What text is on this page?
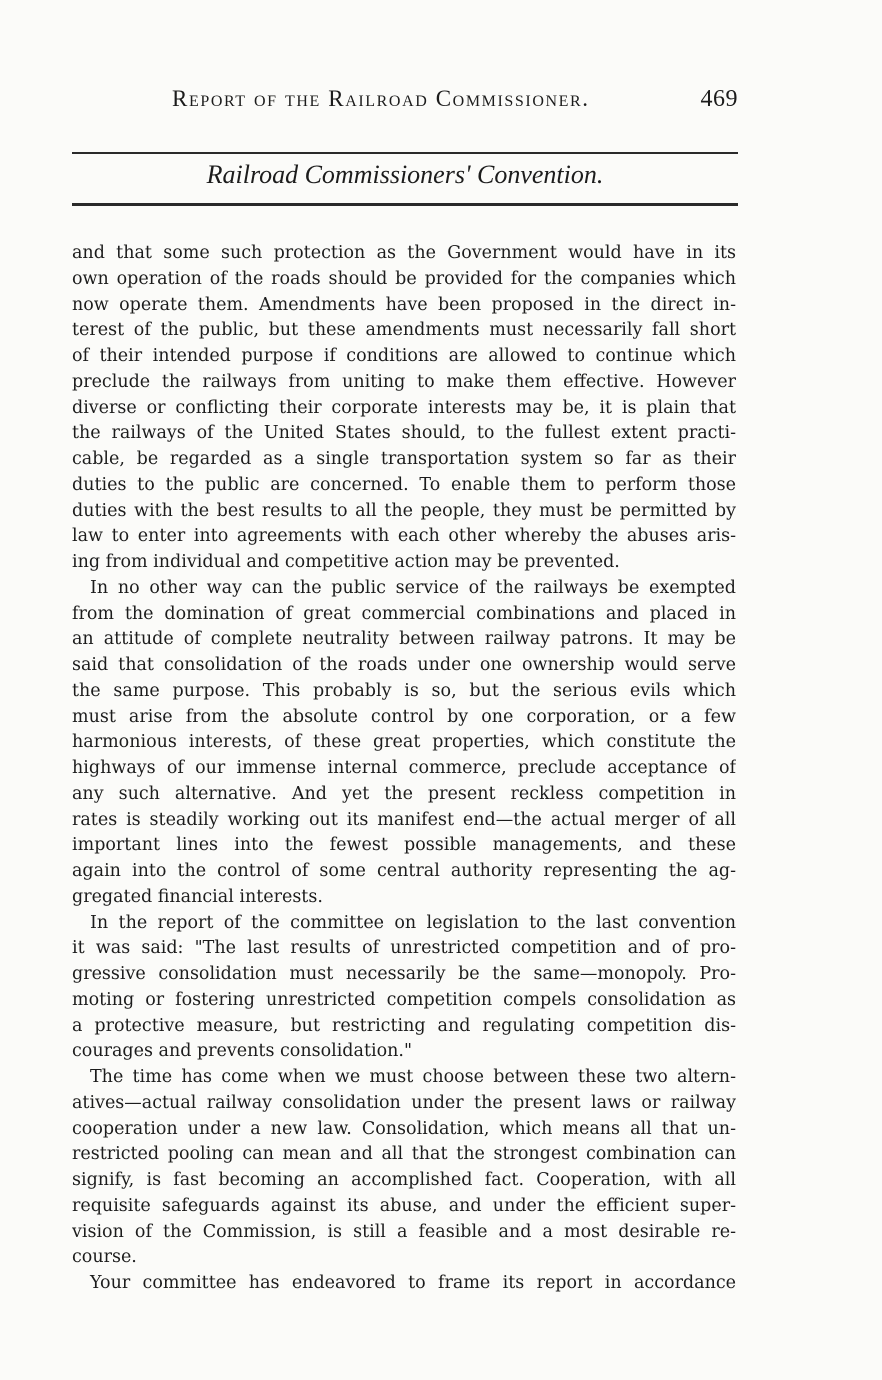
Report of the Railroad Commissioner.	469
Railroad Commissioners' Convention.
and that some such protection as the Government would have in its
own operation of the roads should be provided for the companies which
now operate them. Amendments have been proposed in the direct in-
terest of the public, but these amendments must necessarily fall short
of their intended purpose if conditions are allowed to continue which
preclude the railways from uniting to make them effective. However
diverse or conflicting their corporate interests may be, it is plain that
the railways of the United States should, to the fullest extent practi-
cable, be regarded as a single transportation system so far as their
duties to the public are concerned. To enable them to perform those
duties with the best results to all the people, they must be permitted by
law to enter into agreements with each other whereby the abuses aris-
ing from individual and competitive action may be prevented.
In no other way can the public service of the railways be exempted
from the domination of great commercial combinations and placed in
an attitude of complete neutrality between railway patrons. It may be
said that consolidation of the roads under one ownership would serve
the same purpose. This probably is so, but the serious evils which
must arise from the absolute control by one corporation, or a few
harmonious interests, of these great properties, which constitute the
highways of our immense internal commerce, preclude acceptance of
any such alternative. And yet the present reckless competition in
rates is steadily working out its manifest end—the actual merger of all
important lines into the fewest possible managements, and these
again into the control of some central authority representing the ag-
gregated financial interests.
In the report of the committee on legislation to the last convention
it was said: "The last results of unrestricted competition and of pro-
gressive consolidation must necessarily be the same—monopoly. Pro-
moting or fostering unrestricted competition compels consolidation as
a protective measure, but restricting and regulating competition dis-
courages and prevents consolidation."
The time has come when we must choose between these two altern-
atives—actual railway consolidation under the present laws or railway
cooperation under a new law. Consolidation, which means all that un-
restricted pooling can mean and all that the strongest combination can
signify, is fast becoming an accomplished fact. Cooperation, with all
requisite safeguards against its abuse, and under the efficient super-
vision of the Commission, is still a feasible and a most desirable re-
course.
Your committee has endeavored to frame its report in accordance
